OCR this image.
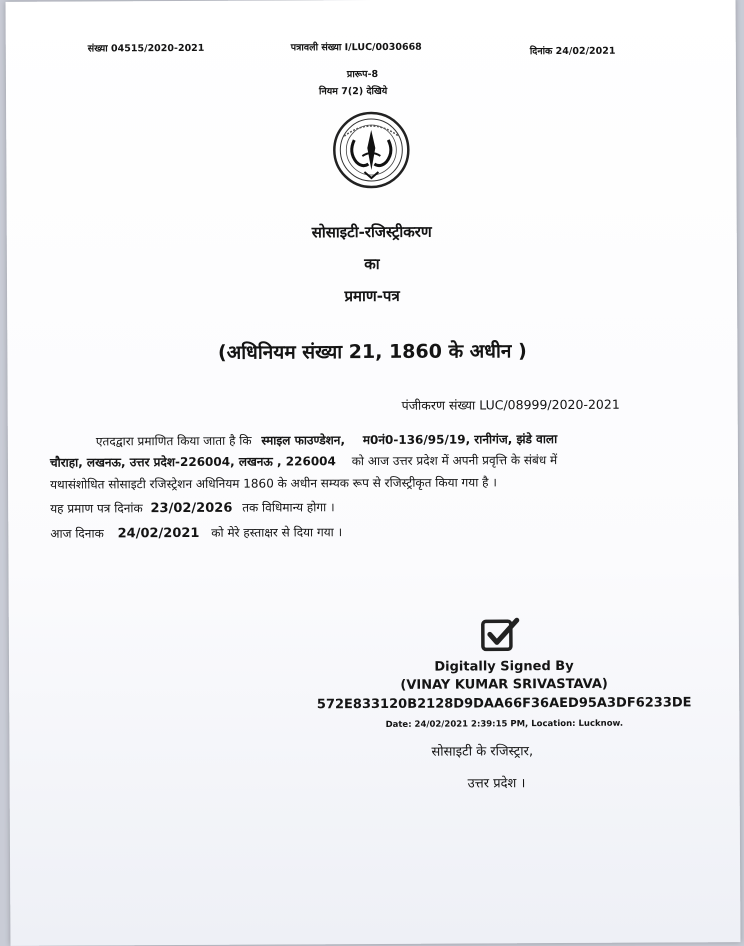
संख्या 04515/2020-2021	पत्रावली संख्या I/LUC/0030668	दिनांक 24/02/2021
प्रारूप-8
नियम 7(2) देखिये
सोसाइटी-रजिस्ट्रीकरण
का
प्रमाण-पत्र
(अधिनियम संख्या 21, 1860 के अधीन )
पंजीकरण संख्या LUC/08999/2020-2021
एतदद्वारा प्रमाणित किया जाता है कि स्माइल फाउण्डेशन, म0नं0-136/95/19, रानीगंज, झंडे वाला
चौराहा, लखनऊ, उत्तर प्रदेश-226004, लखनऊ , 226004 को आज उत्तर प्रदेश में अपनी प्रवृत्ति के संबंध में
यथासंशोधित सोसाइटी रजिस्ट्रेशन अधिनियम 1860 के अधीन सम्यक रूप से रजिस्ट्रीकृत किया गया है ।
यह प्रमाण पत्र दिनांक 23/02/2026 तक विधिमान्य होगा ।
आज दिनाक 24/02/2021 को मेरे हस्ताक्षर से दिया गया ।
Digitally Signed By
(VINAY KUMAR SRIVASTAVA)
572E833120B2128D9DAA66F36AED95A3DF6233DE
Date: 24/02/2021 2:39:15 PM, Location: Lucknow.
सोसाइटी के रजिस्ट्रार,
उत्तर प्रदेश ।
